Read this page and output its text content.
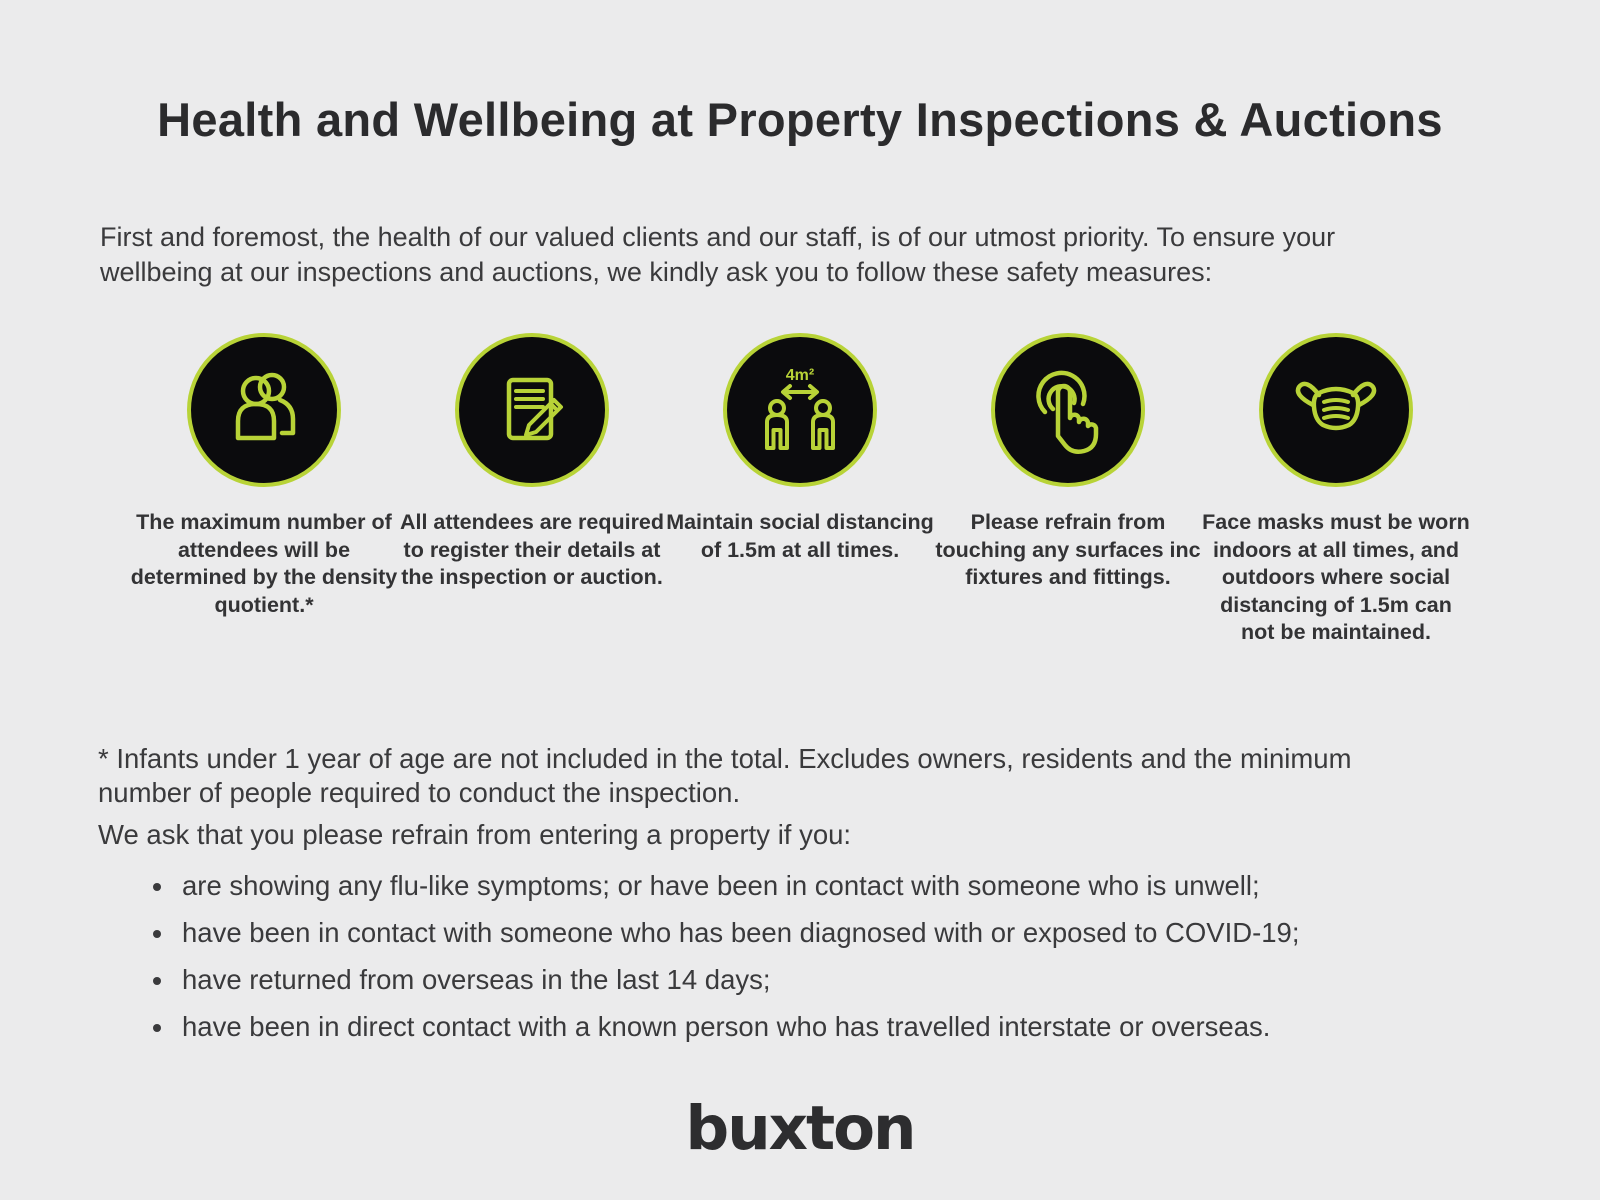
Health and Wellbeing at Property Inspections & Auctions
First and foremost, the health of our valued clients and our staff, is of our utmost priority. To ensure your wellbeing at our inspections and auctions, we kindly ask you to follow these safety measures:
The maximum number of attendees will be determined by the density quotient.*
All attendees are required to register their details at the inspection or auction.
4m²
Maintain social distancing of 1.5m at all times.
Please refrain from touching any surfaces inc fixtures and fittings.
Face masks must be worn indoors at all times, and outdoors where social distancing of 1.5m can not be maintained.
* Infants under 1 year of age are not included in the total. Excludes owners, residents and the minimum number of people required to conduct the inspection.
We ask that you please refrain from entering a property if you:
• are showing any flu-like symptoms; or have been in contact with someone who is unwell;
• have been in contact with someone who has been diagnosed with or exposed to COVID-19;
• have returned from overseas in the last 14 days;
• have been in direct contact with a known person who has travelled interstate or overseas.
buxton
